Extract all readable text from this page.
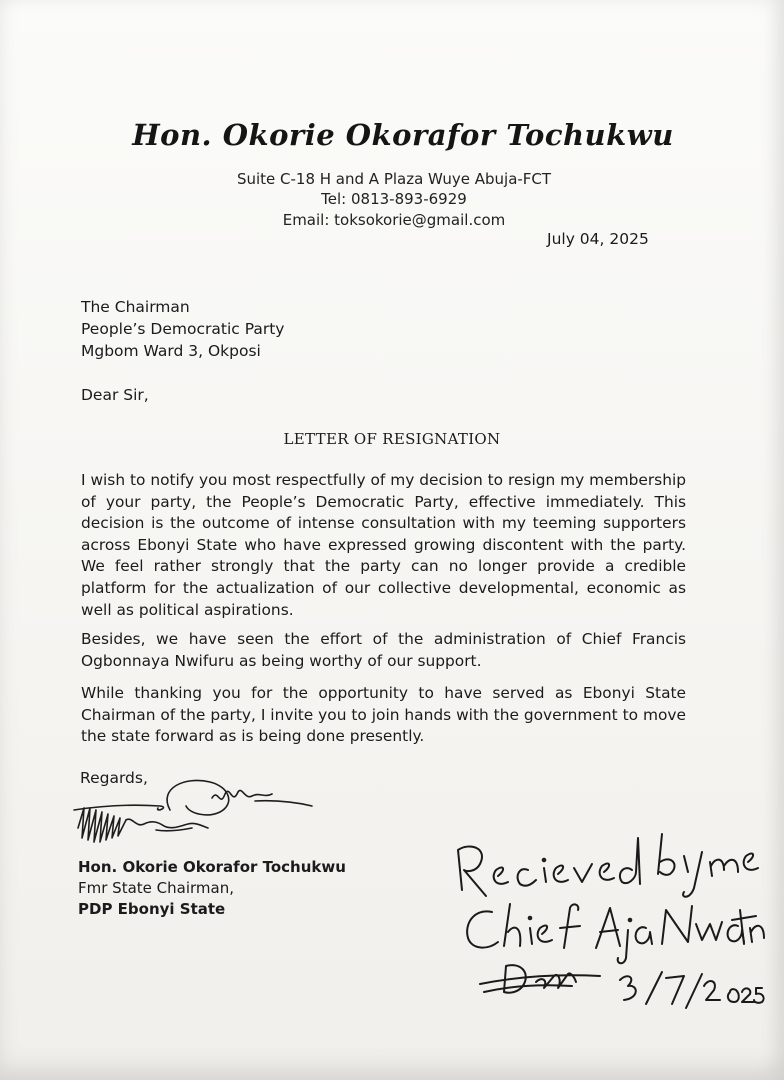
Hon. Okorie Okorafor Tochukwu
Suite C-18 H and A Plaza Wuye Abuja-FCT
Tel: 0813-893-6929
Email: toksokorie@gmail.com
July 04, 2025
The Chairman
People’s Democratic Party
Mgbom Ward 3, Okposi
Dear Sir,
LETTER OF RESIGNATION

I wish to notify you most respectfully of my decision to resign my membership of your party, the People’s Democratic Party, effective immediately. This decision is the outcome of intense consultation with my teeming supporters across Ebonyi State who have expressed growing discontent with the party. We feel rather strongly that the party can no longer provide a credible platform for the actualization of our collective developmental, economic as well as political aspirations.

Besides, we have seen the effort of the administration of Chief Francis Ogbonnaya Nwifuru as being worthy of our support.

While thanking you for the opportunity to have served as Ebonyi State Chairman of the party, I invite you to join hands with the government to move the state forward as is being done presently.

Regards,
Hon. Okorie Okorafor Tochukwu
Fmr State Chairman,
PDP Ebonyi State
